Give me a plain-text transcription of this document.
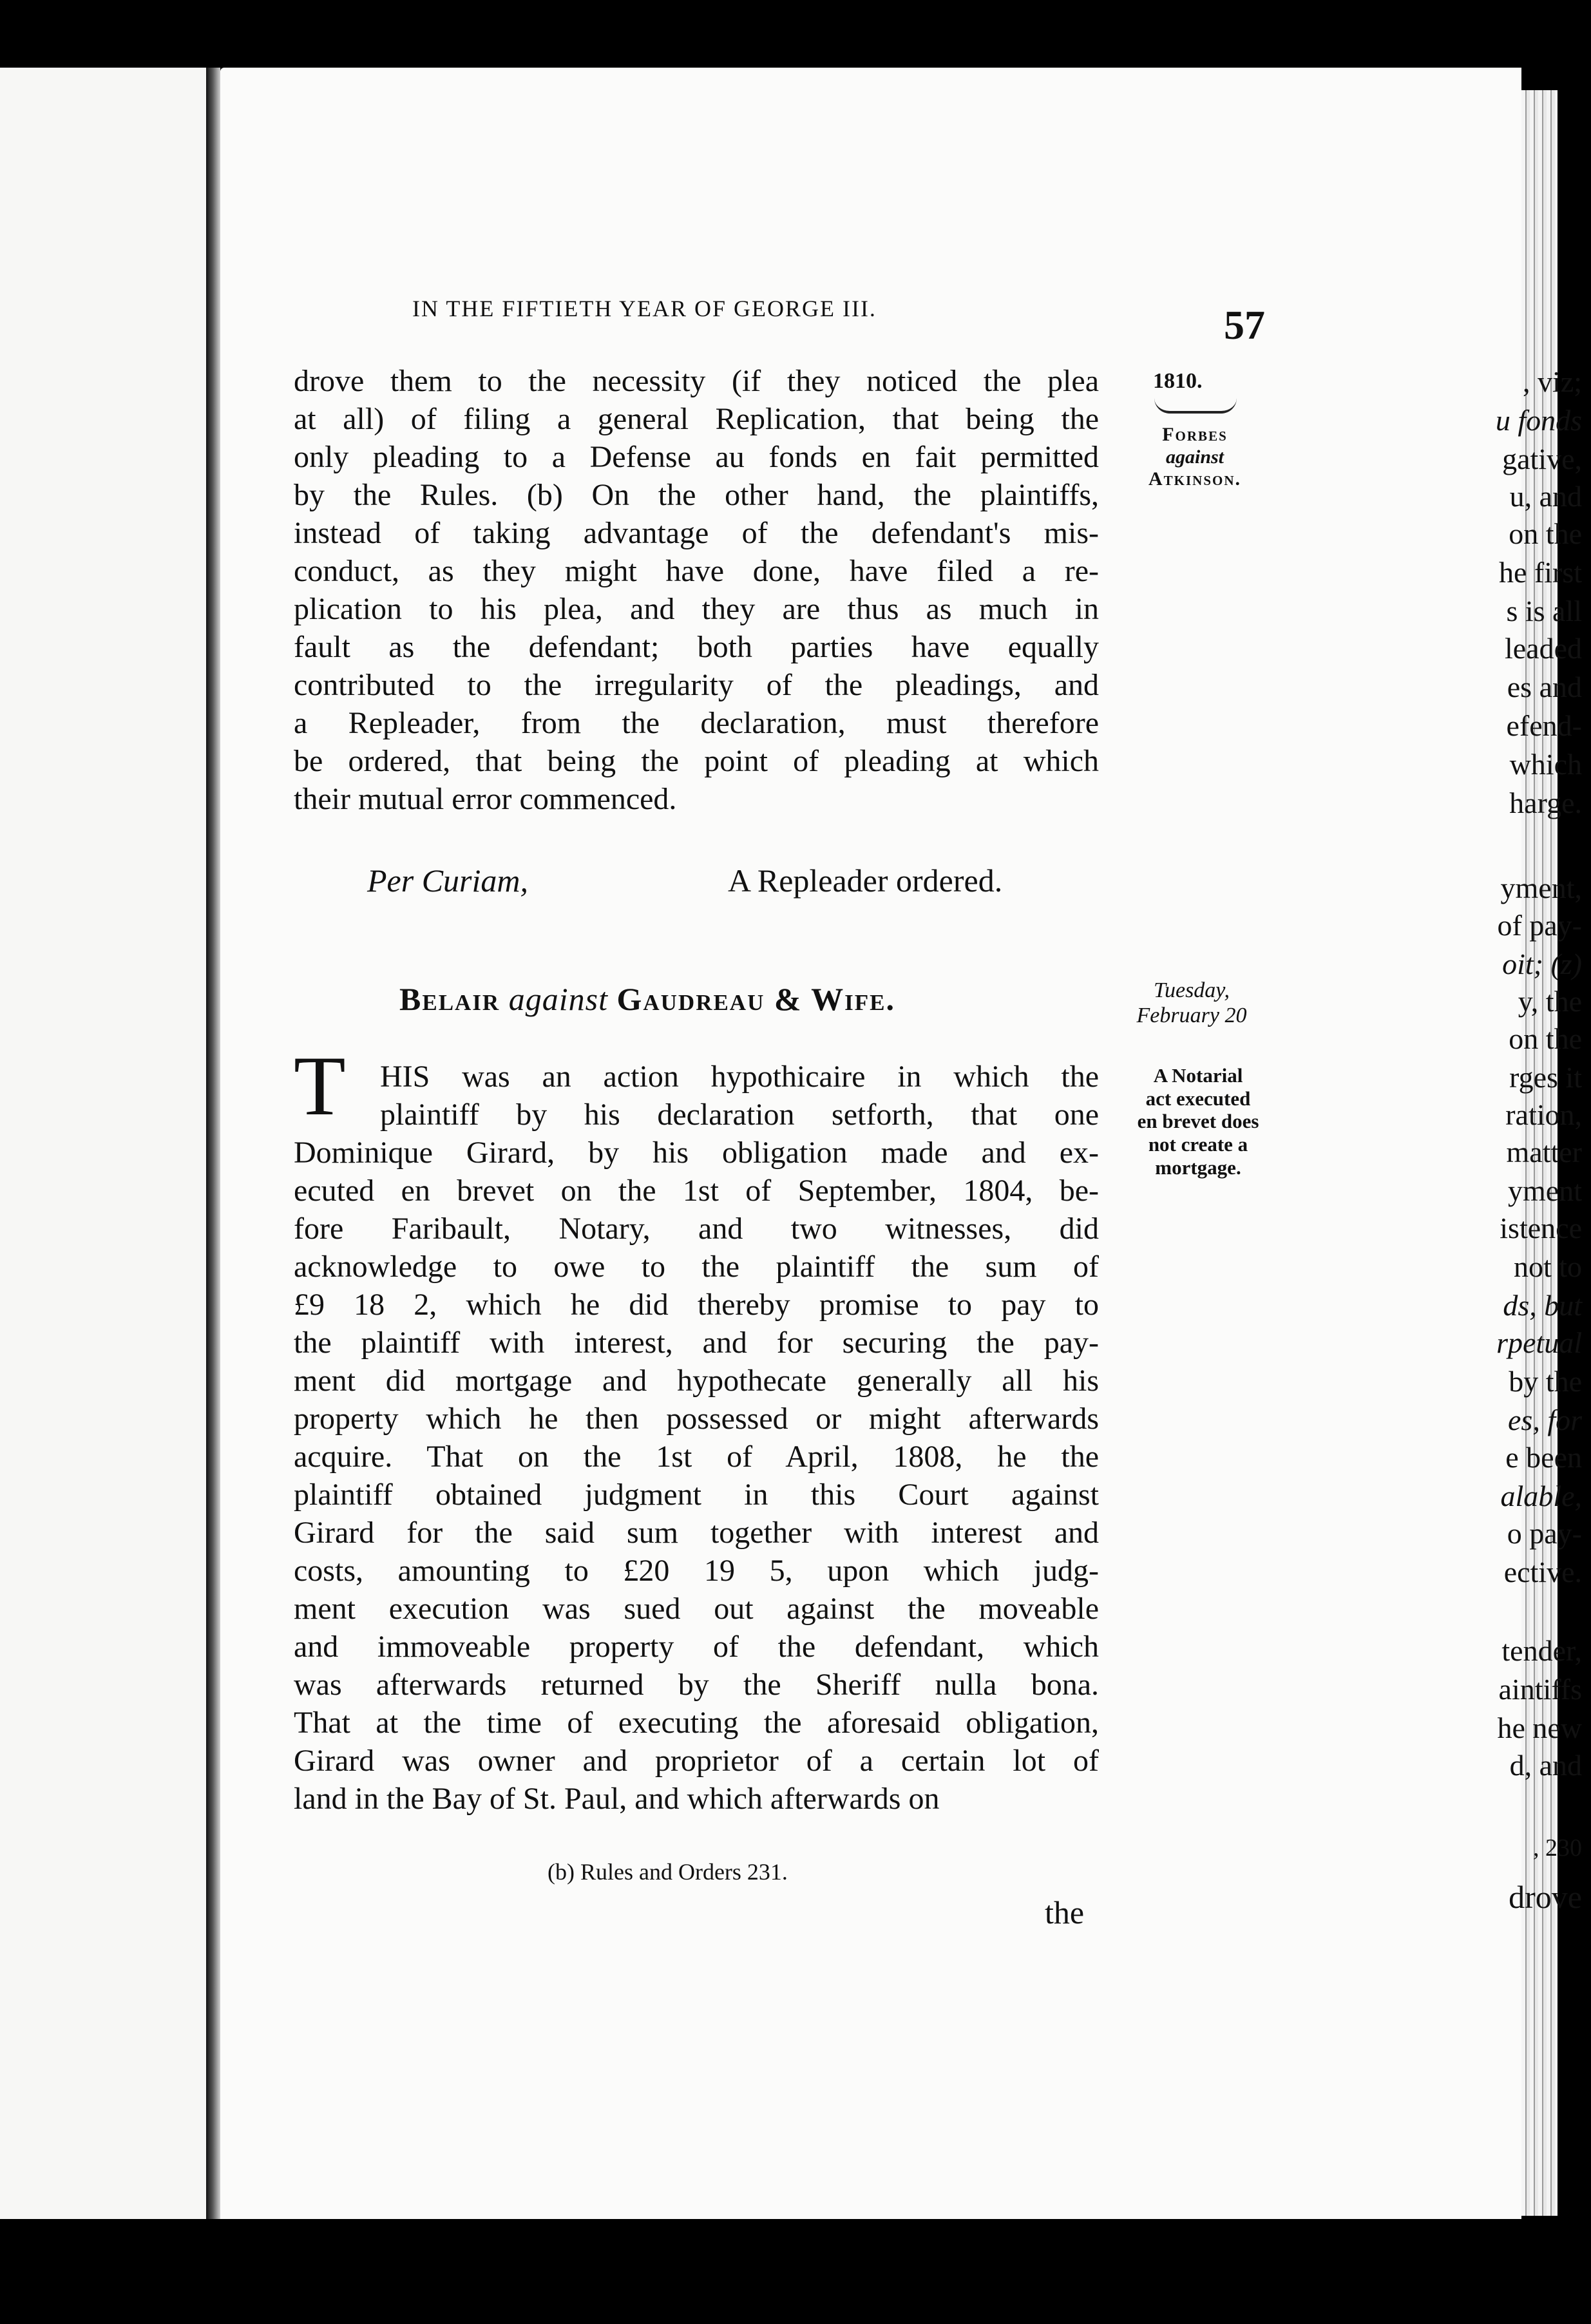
, 230
drove
IN THE FIFTIETH YEAR OF GEORGE III.	57
1810.
Forbes
against
Atkinson.
Tuesday,
February 20
A Notarial
act executed
en brevet does
not create a
mortgage.
drove them to the necessity (if they noticed the plea
at all) of filing a general Replication, that being the
only pleading to a Defense au fonds en fait permitted
by the Rules. (b) On the other hand, the plaintiffs,
instead of taking advantage of the defendant's mis-
conduct, as they might have done, have filed a re-
plication to his plea, and they are thus as much in
fault as the defendant; both parties have equally
contributed to the irregularity of the pleadings, and
a Repleader, from the declaration, must therefore
be ordered, that being the point of pleading at which
their mutual error commenced.
Per Curiam,	A Repleader ordered.
Belair against Gaudreau & Wife.
T HIS was an action hypothicaire in which the
plaintiff by his declaration setforth, that one
Dominique Girard, by his obligation made and ex-
ecuted en brevet on the 1st of September, 1804, be-
fore Faribault, Notary, and two witnesses, did
acknowledge to owe to the plaintiff the sum of
£9 18 2, which he did thereby promise to pay to
the plaintiff with interest, and for securing the pay-
ment did mortgage and hypothecate generally all his
property which he then possessed or might afterwards
acquire. That on the 1st of April, 1808, he the
plaintiff obtained judgment in this Court against
Girard for the said sum together with interest and
costs, amounting to £20 19 5, upon which judg-
ment execution was sued out against the moveable
and immoveable property of the defendant, which
was afterwards returned by the Sheriff nulla bona.
That at the time of executing the aforesaid obligation,
Girard was owner and proprietor of a certain lot of
land in the Bay of St. Paul, and which afterwards on
(b) Rules and Orders 231.
the
, viz;
u fonds
gative,
u, and
on the
he first
s is all
leaded
es and
efend-
which
harge.
yment,
of pay-
oit; (z)
y, the
on the
rges it
ration,
matter
yment
istence
not to
ds, but
rpetual
by the
es, for
e been
alable,
o pay-
ective.
tender,
aintiffs
he new
d, and
